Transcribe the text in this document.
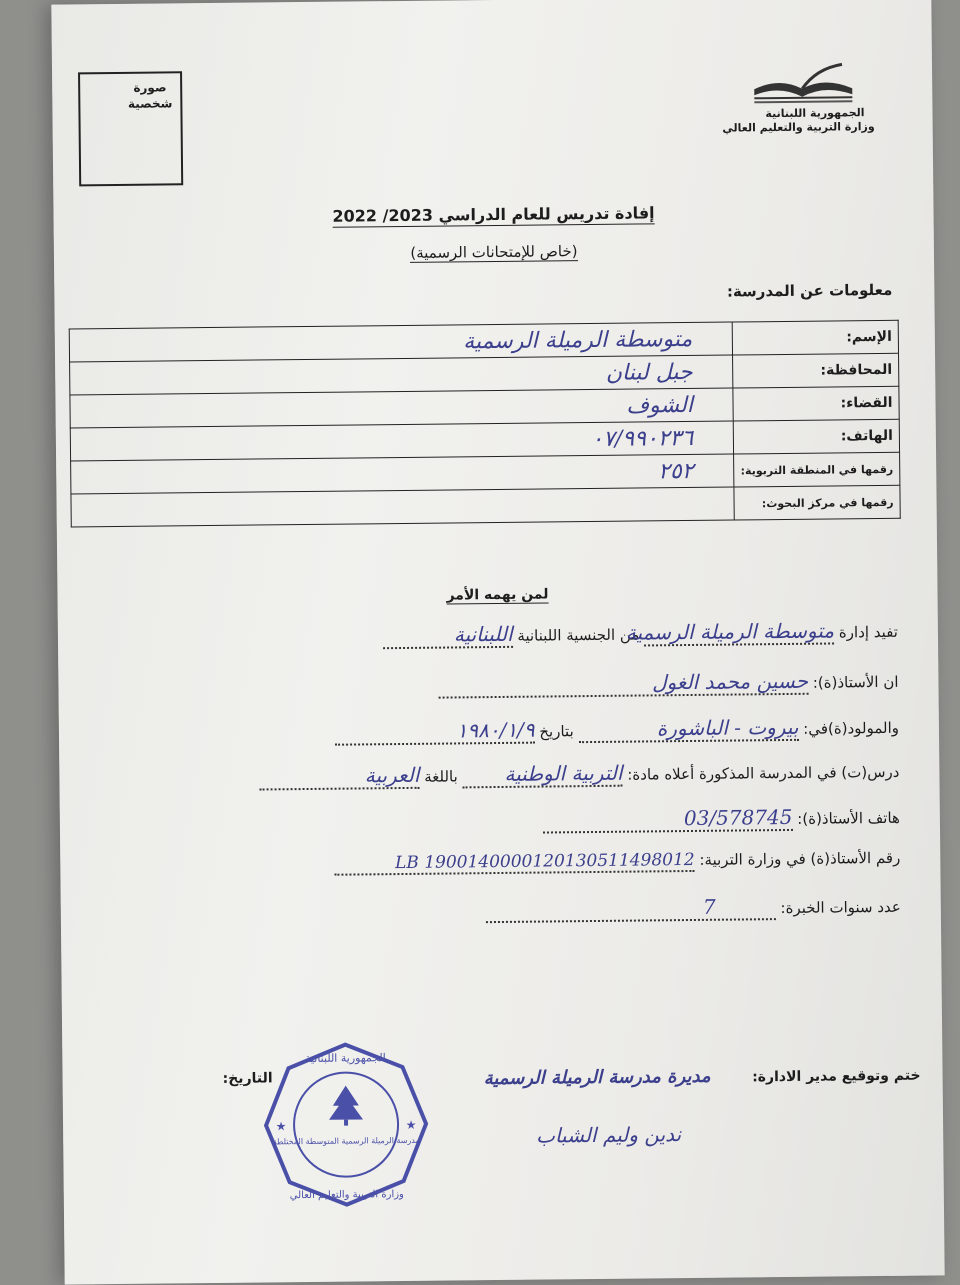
صورة
شخصية
الجمهورية اللبنانية
وزارة التربية والتعليم العالي
إفادة تدريس للعام الدراسي 2023/ 2022
(خاص للإمتحانات الرسمية)
معلومات عن المدرسة:
الإسم:	متوسطة الرميلة الرسمية
المحافظة:	جبل لبنان
القضاء:	الشوف
الهاتف:	٠٧/٩٩٠٢٣٦
رقمها في المنطقة التربوية:	٢٥٢
رقمها في مركز البحوث:	
لمن يهمه الأمر
تفيد إدارة متوسطة الرميلة الرسمية من الجنسية اللبنانية اللبنانية
ان الأستاذ(ة): حسين محمد الغول
والمولود(ة)في: بيروت - الباشورة بتاريخ ١٩٨٠/١/٩
درس(ت) في المدرسة المذكورة أعلاه مادة: التربية الوطنية باللغة العربية
هاتف الأستاذ(ة): 03/578745
رقم الأستاذ(ة) في وزارة التربية: LB 1900140000120130511498012
عدد سنوات الخبرة: 7
ختم وتوقيع مدير الادارة:
التاريخ:	مديرة مدرسة الرميلة الرسمية
ندين وليم الشباب
الجمهورية اللبنانية
مدرسة الرميلة الرسمية المتوسطة المختلطة
وزارة التربية والتعليم العالي
★	★
